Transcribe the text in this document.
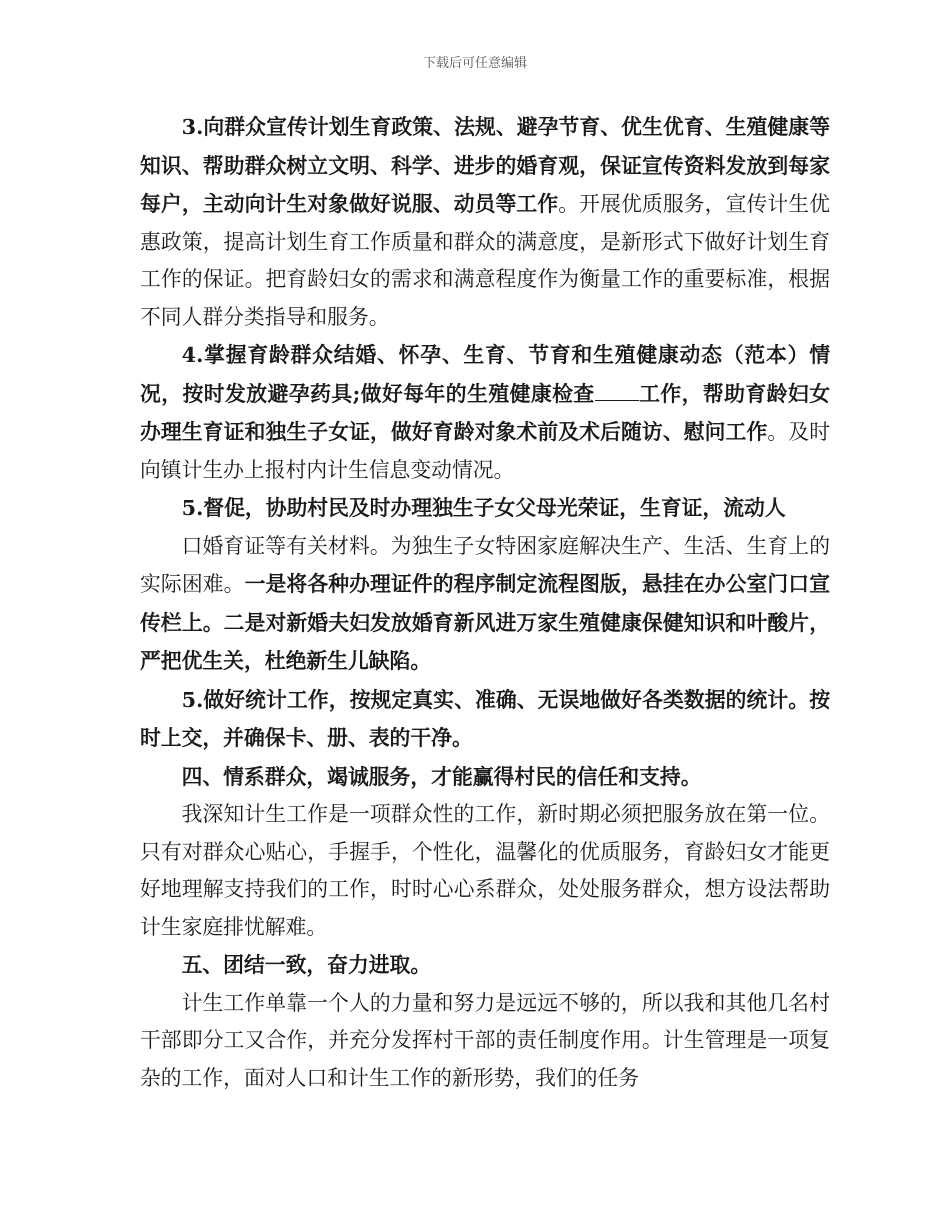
下载后可任意编辑

3.向群众宣传计划生育政策、法规、避孕节育、优生优育、生殖健康等知识、帮助群众树立文明、科学、进步的婚育观，保证宣传资料发放到每家每户，主动向计生对象做好说服、动员等工作。开展优质服务，宣传计生优惠政策，提高计划生育工作质量和群众的满意度，是新形式下做好计划生育工作的保证。把育龄妇女的需求和满意程度作为衡量工作的重要标准，根据不同人群分类指导和服务。

4.掌握育龄群众结婚、怀孕、生育、节育和生殖健康动态（范本）情况，按时发放避孕药具;做好每年的生殖健康检查 工作，帮助育龄妇女办理生育证和独生子女证，做好育龄对象术前及术后随访、慰问工作。及时向镇计生办上报村内计生信息变动情况。

5.督促，协助村民及时办理独生子女父母光荣证，生育证，流动人

口婚育证等有关材料。为独生子女特困家庭解决生产、生活、生育上的实际困难。一是将各种办理证件的程序制定流程图版，悬挂在办公室门口宣传栏上。二是对新婚夫妇发放婚育新风进万家生殖健康保健知识和叶酸片，严把优生关，杜绝新生儿缺陷。

5.做好统计工作，按规定真实、准确、无误地做好各类数据的统计。按时上交，并确保卡、册、表的干净。

四、情系群众，竭诚服务，才能赢得村民的信任和支持。

我深知计生工作是一项群众性的工作，新时期必须把服务放在第一位。只有对群众心贴心，手握手，个性化，温馨化的优质服务，育龄妇女才能更好地理解支持我们的工作，时时心心系群众，处处服务群众，想方设法帮助计生家庭排忧解难。

五、团结一致，奋力进取。

计生工作单靠一个人的力量和努力是远远不够的，所以我和其他几名村干部即分工又合作，并充分发挥村干部的责任制度作用。计生管理是一项复杂的工作，面对人口和计生工作的新形势，我们的任务
